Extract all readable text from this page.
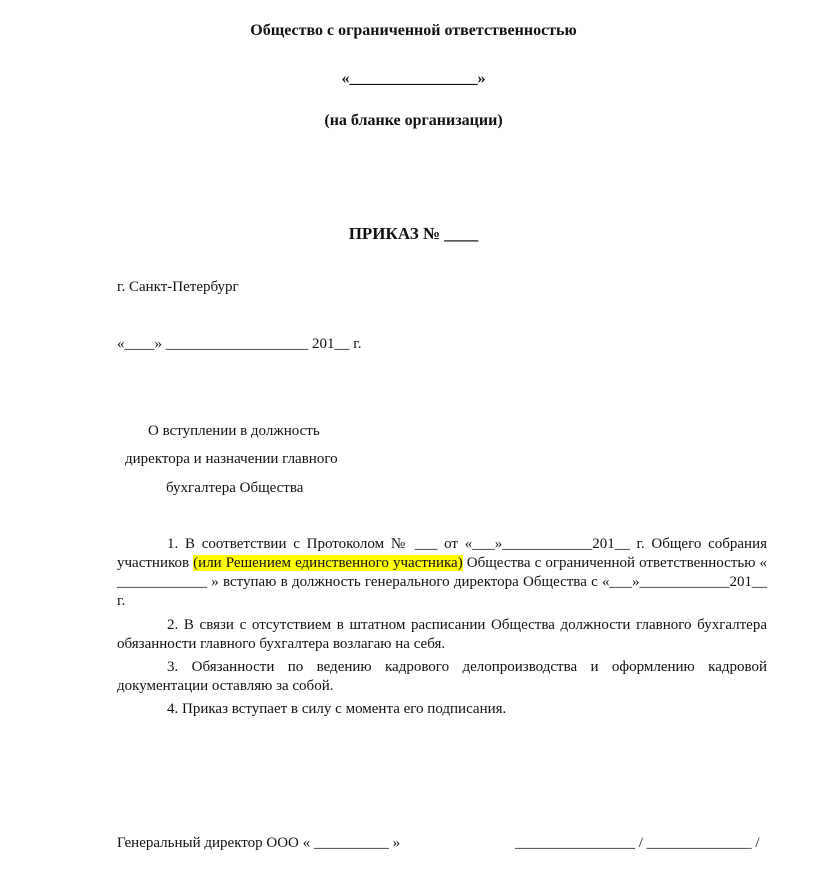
Общество с ограниченной ответственностью
«________________»
(на бланке организации)
ПРИКАЗ № ____
г. Санкт-Петербург
«____» ___________________ 201__ г.
О вступлении в должность
директора и назначении главного
бухгалтера Общества
1. В соответствии с Протоколом № ___ от «___»____________201__ г. Общего собрания участников (или Решением единственного участника) Общества с ограниченной ответственностью « ____________ » вступаю в должность генерального директора Общества с «___»____________201__ г.
2. В связи с отсутствием в штатном расписании Общества должности главного бухгалтера обязанности главного бухгалтера возлагаю на себя.
3. Обязанности по ведению кадрового делопроизводства и оформлению кадровой документации оставляю за собой.
4. Приказ вступает в силу с момента его подписания.
Генеральный директор ООО « __________ »	________________ / ______________ /
